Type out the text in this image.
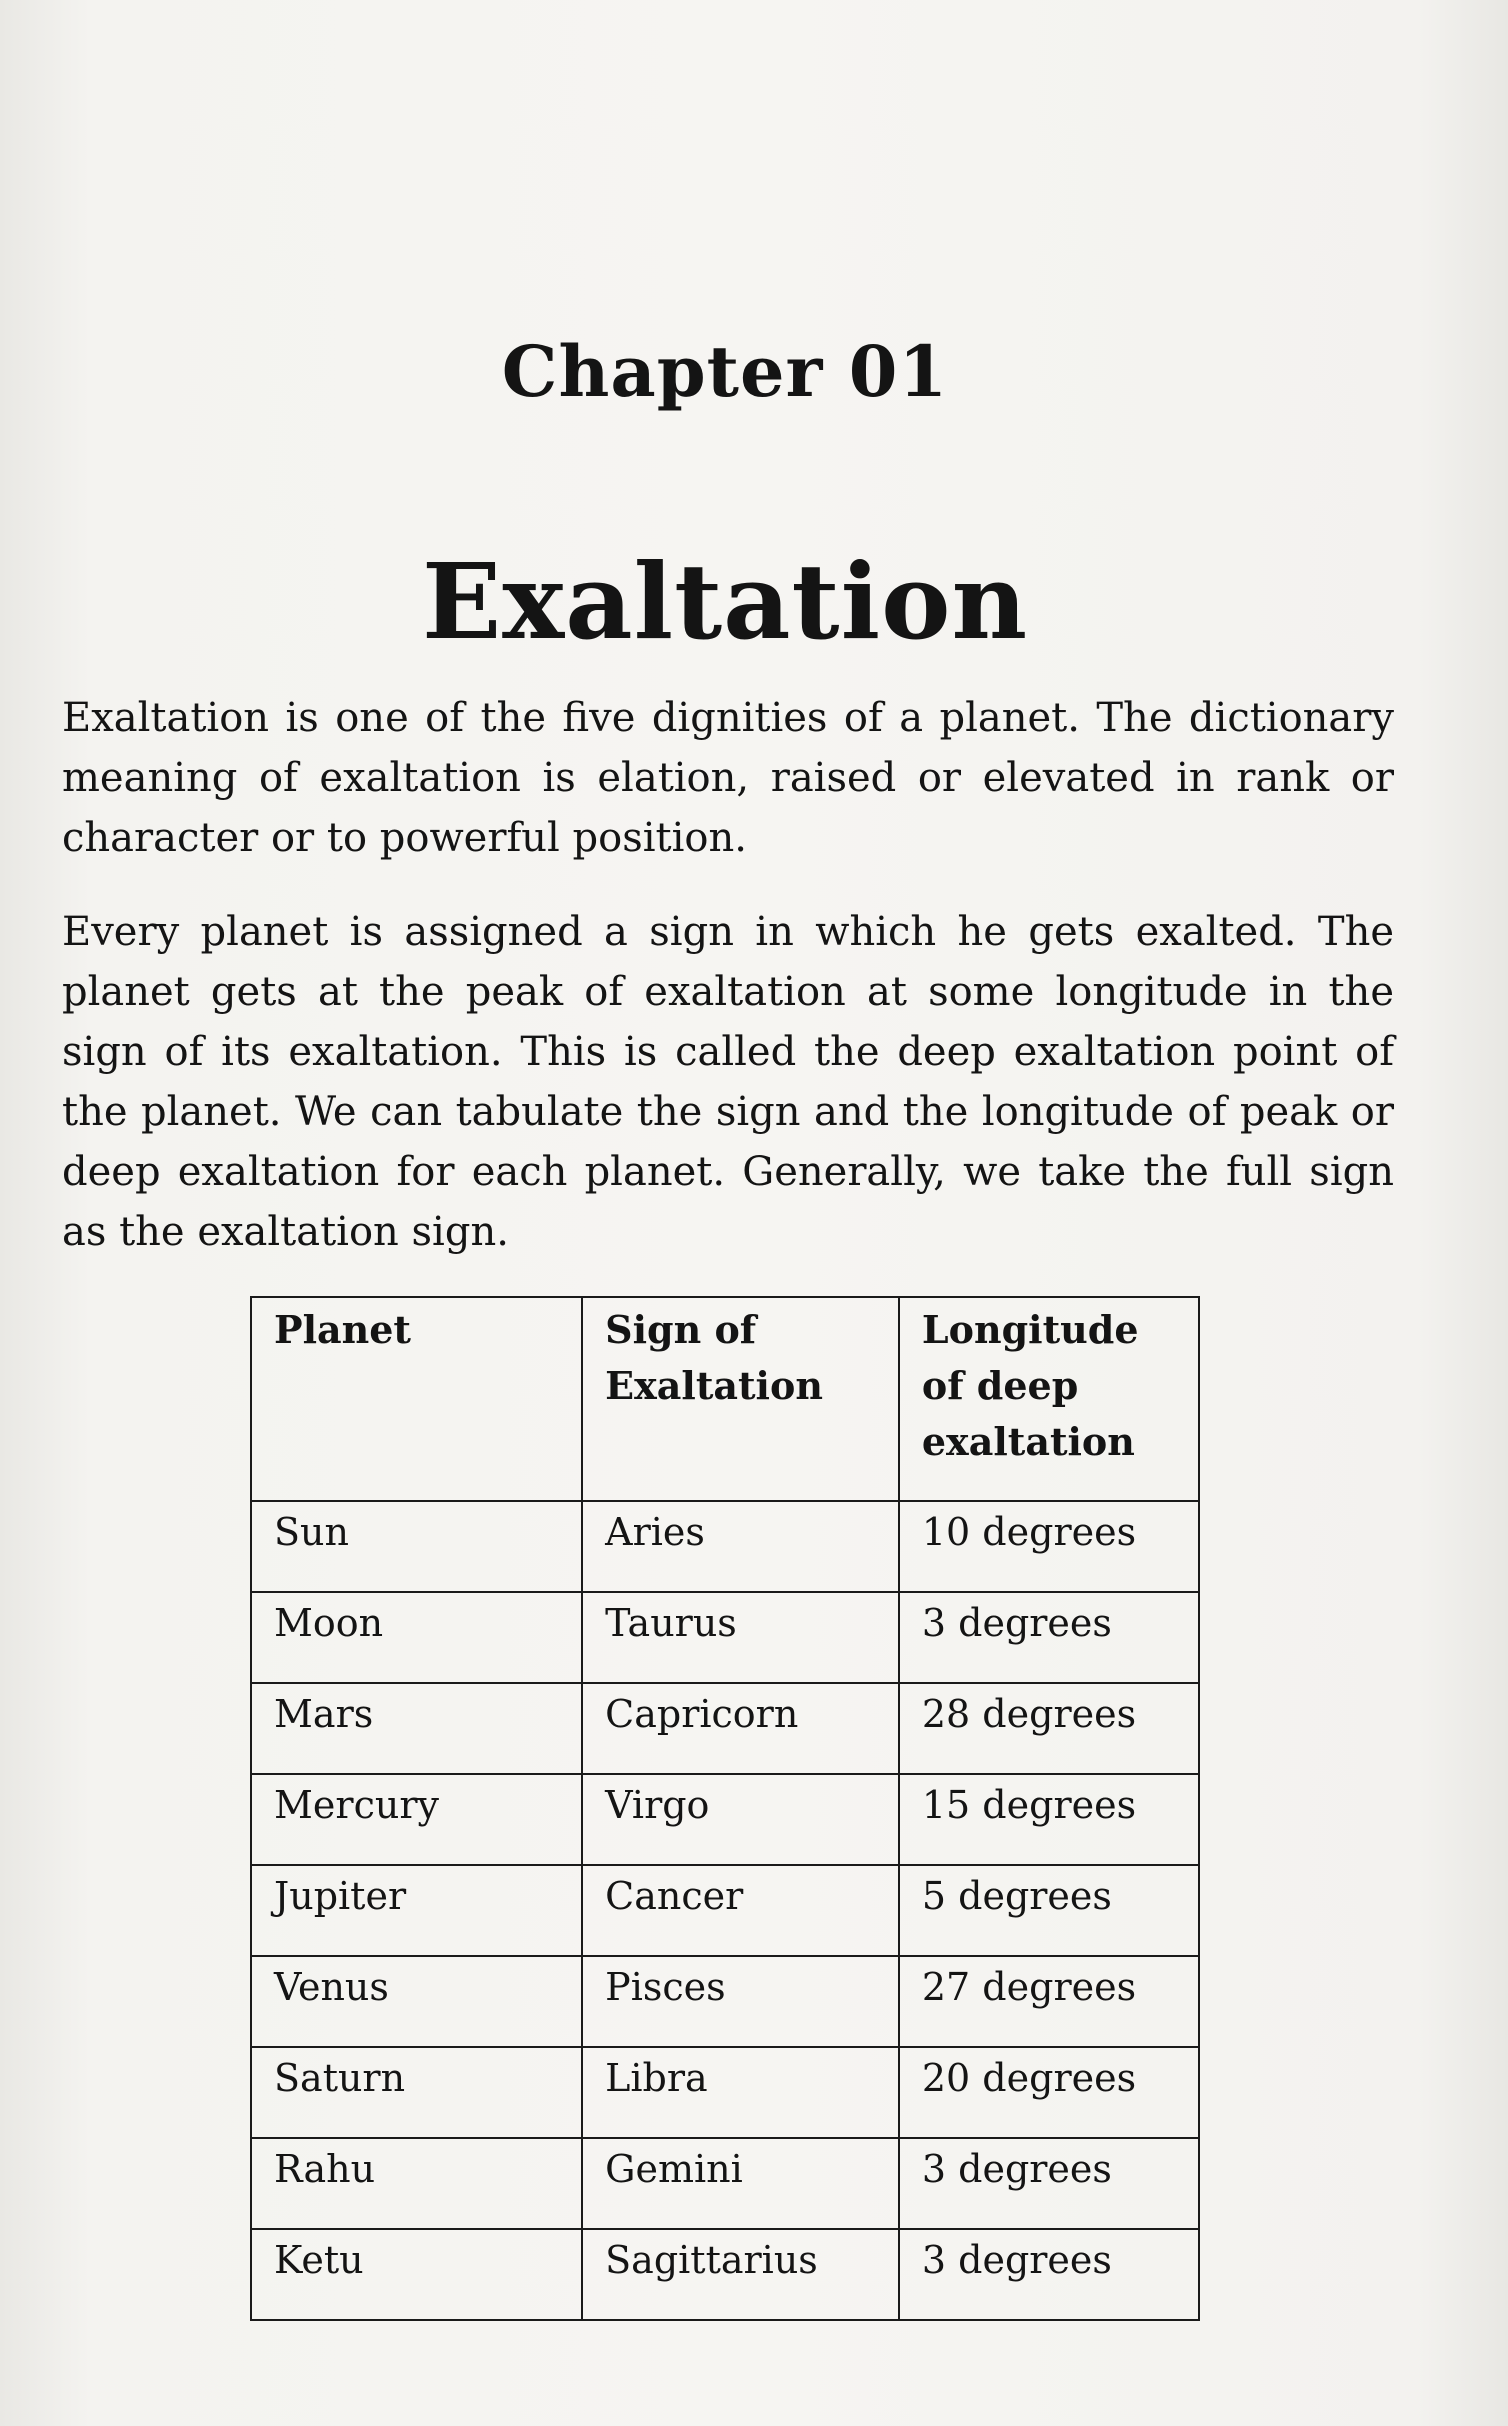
Chapter 01
Exaltation

Exaltation is one of the five dignities of a planet. The dictionary meaning of exaltation is elation, raised or elevated in rank or character or to powerful position.

Every planet is assigned a sign in which he gets exalted. The planet gets at the peak of exaltation at some longitude in the sign of its exaltation. This is called the deep exaltation point of the planet. We can tabulate the sign and the longitude of peak or deep exaltation for each planet. Generally, we take the full sign as the exaltation sign.

Planet	Sign of Exaltation	Longitude of deep exaltation
Sun	Aries	10 degrees
Moon	Taurus	3 degrees
Mars	Capricorn	28 degrees
Mercury	Virgo	15 degrees
Jupiter	Cancer	5 degrees
Venus	Pisces	27 degrees
Saturn	Libra	20 degrees
Rahu	Gemini	3 degrees
Ketu	Sagittarius	3 degrees
